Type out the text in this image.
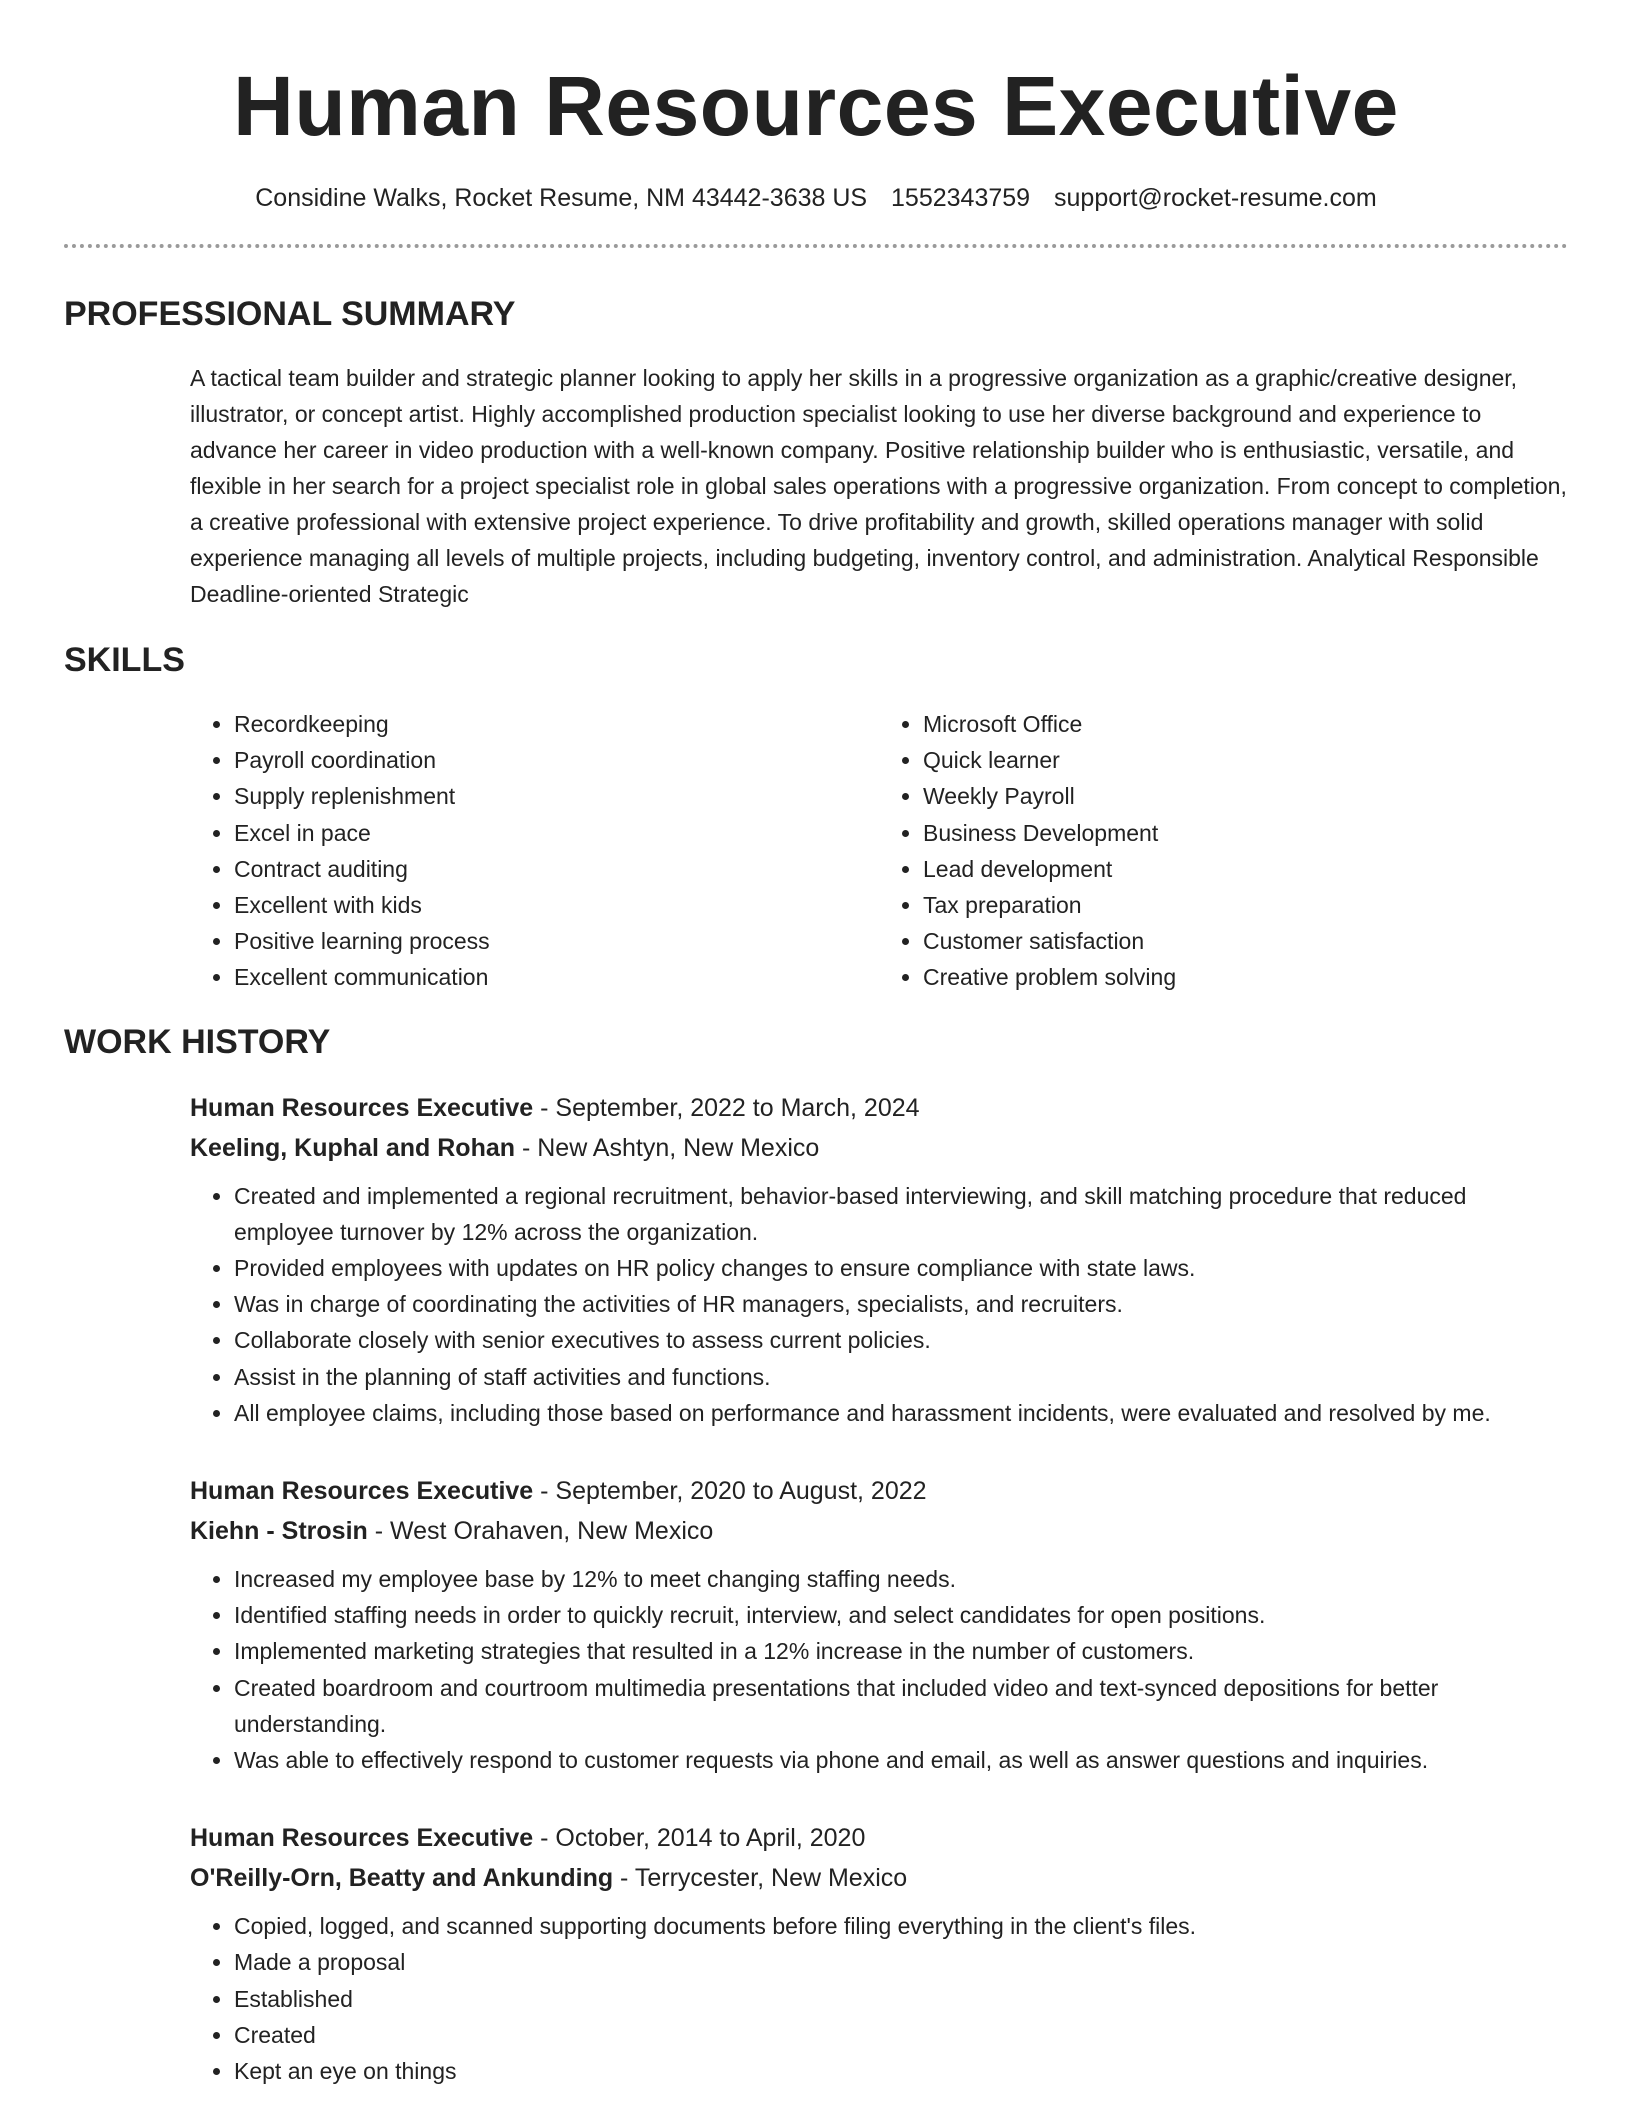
Human Resources Executive
Considine Walks, Rocket Resume, NM 43442-3638 US 1552343759 support@rocket-resume.com
PROFESSIONAL SUMMARY
A tactical team builder and strategic planner looking to apply her skills in a progressive organization as a graphic/creative designer, illustrator, or concept artist. Highly accomplished production specialist looking to use her diverse background and experience to advance her career in video production with a well-known company. Positive relationship builder who is enthusiastic, versatile, and flexible in her search for a project specialist role in global sales operations with a progressive organization. From concept to completion, a creative professional with extensive project experience. To drive profitability and growth, skilled operations manager with solid experience managing all levels of multiple projects, including budgeting, inventory control, and administration. Analytical Responsible Deadline-oriented Strategic
SKILLS
• Recordkeeping
• Payroll coordination
• Supply replenishment
• Excel in pace
• Contract auditing
• Excellent with kids
• Positive learning process
• Excellent communication
• Microsoft Office
• Quick learner
• Weekly Payroll
• Business Development
• Lead development
• Tax preparation
• Customer satisfaction
• Creative problem solving
WORK HISTORY
Human Resources Executive - September, 2022 to March, 2024
Keeling, Kuphal and Rohan - New Ashtyn, New Mexico
• Created and implemented a regional recruitment, behavior-based interviewing, and skill matching procedure that reduced employee turnover by 12% across the organization.
• Provided employees with updates on HR policy changes to ensure compliance with state laws.
• Was in charge of coordinating the activities of HR managers, specialists, and recruiters.
• Collaborate closely with senior executives to assess current policies.
• Assist in the planning of staff activities and functions.
• All employee claims, including those based on performance and harassment incidents, were evaluated and resolved by me.
Human Resources Executive - September, 2020 to August, 2022
Kiehn - Strosin - West Orahaven, New Mexico
• Increased my employee base by 12% to meet changing staffing needs.
• Identified staffing needs in order to quickly recruit, interview, and select candidates for open positions.
• Implemented marketing strategies that resulted in a 12% increase in the number of customers.
• Created boardroom and courtroom multimedia presentations that included video and text-synced depositions for better understanding.
• Was able to effectively respond to customer requests via phone and email, as well as answer questions and inquiries.
Human Resources Executive - October, 2014 to April, 2020
O'Reilly-Orn, Beatty and Ankunding - Terrycester, New Mexico
• Copied, logged, and scanned supporting documents before filing everything in the client's files.
• Made a proposal
• Established
• Created
• Kept an eye on things
